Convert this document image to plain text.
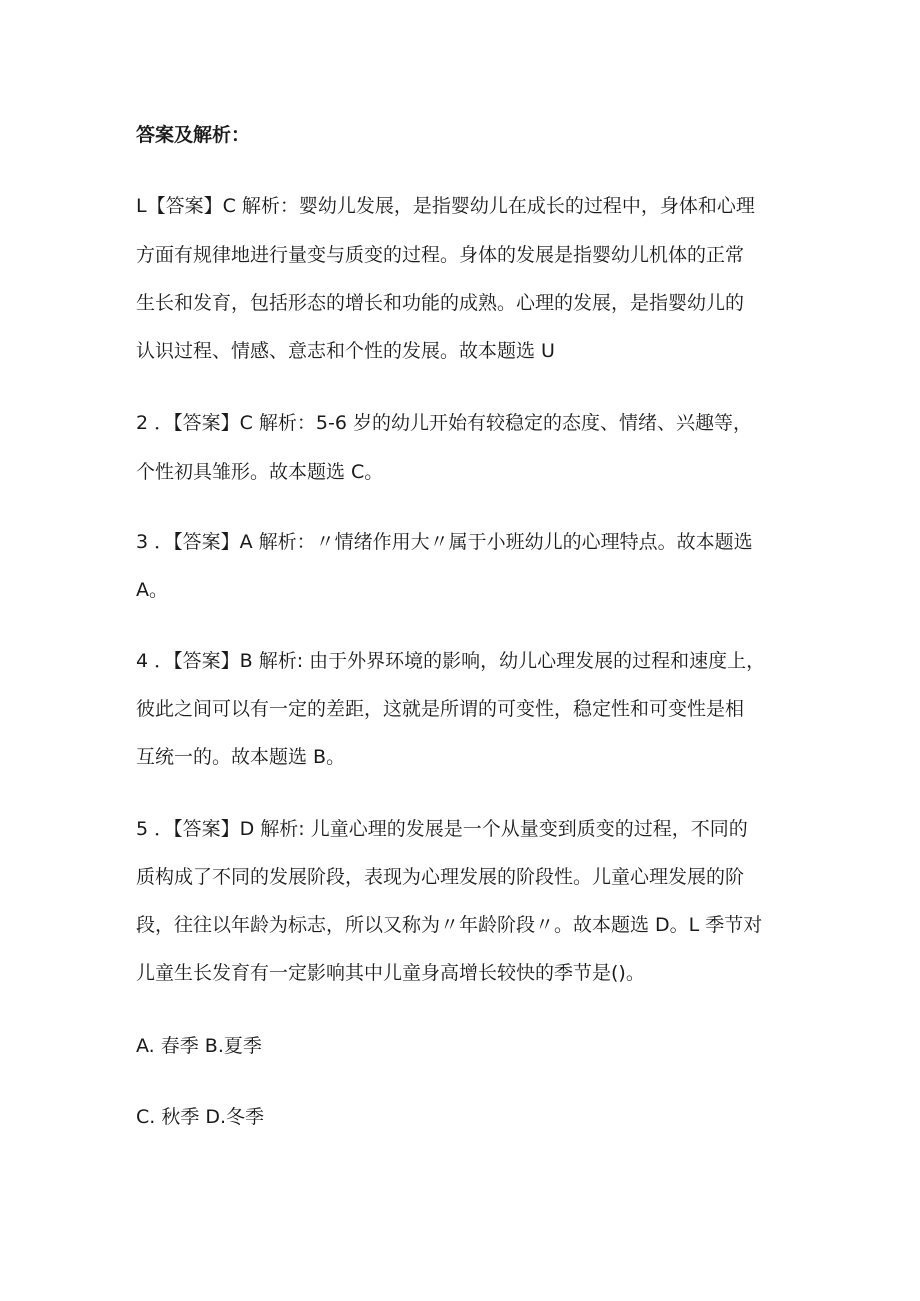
答案及解析：
L【答案】C 解析：婴幼儿发展，是指婴幼儿在成长的过程中，身体和心理
方面有规律地进行量变与质变的过程。身体的发展是指婴幼儿机体的正常
生长和发育，包括形态的增长和功能的成熟。心理的发展，是指婴幼儿的
认识过程、情感、意志和个性的发展。故本题选 U
2 ．【答案】C 解析：5-6 岁的幼儿开始有较稳定的态度、情绪、兴趣等，
个性初具雏形。故本题选 C。
3 ．【答案】A 解析：〃情绪作用大〃属于小班幼儿的心理特点。故本题选
A。
4 ．【答案】B 解析: 由于外界环境的影响，幼儿心理发展的过程和速度上，
彼此之间可以有一定的差距，这就是所谓的可变性，稳定性和可变性是相
互统一的。故本题选 B。
5 ．【答案】D 解析: 儿童心理的发展是一个从量变到质变的过程，不同的
质构成了不同的发展阶段，表现为心理发展的阶段性。儿童心理发展的阶
段，往往以年龄为标志，所以又称为〃年龄阶段〃。故本题选 D。L 季节对
儿童生长发育有一定影响其中儿童身高增长较快的季节是()。
A. 春季 B.夏季
C. 秋季 D.冬季
